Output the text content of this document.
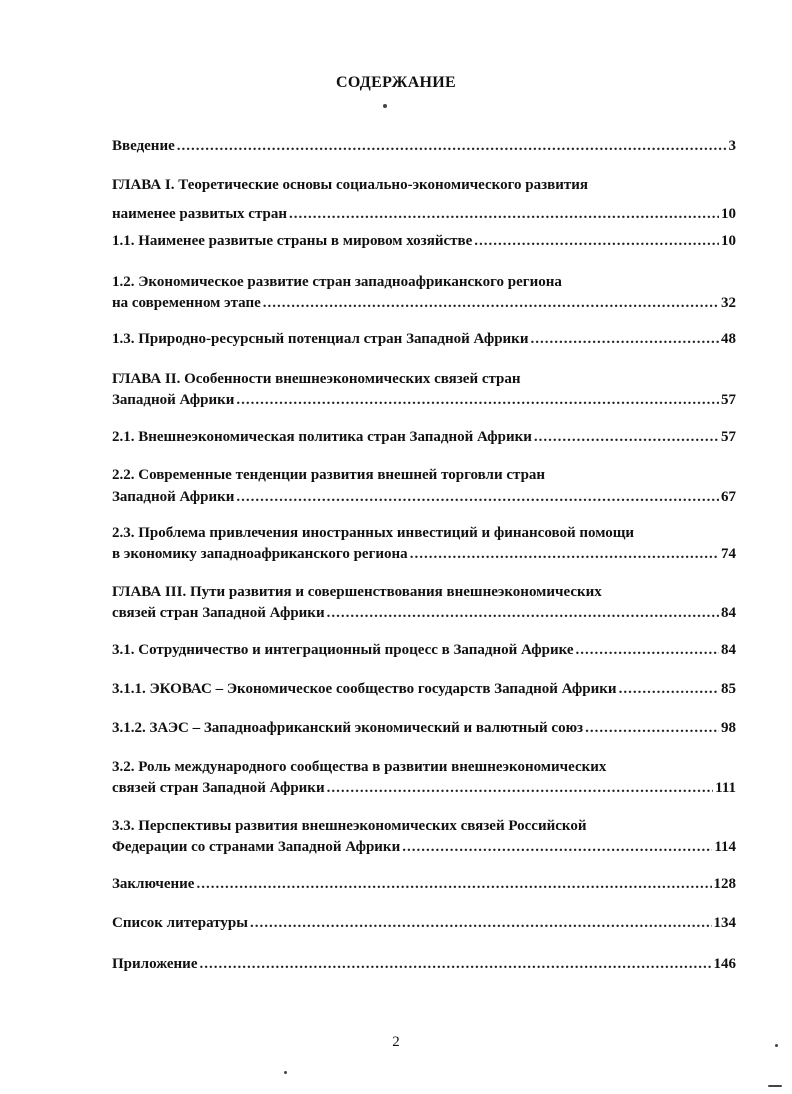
СОДЕРЖАНИЕ
Введение .....	3
ГЛАВА I. Теоретические основы социально-экономического развития
наименее развитых стран .....	10
1.1. Наименее развитые страны в мировом хозяйстве .....	10
1.2. Экономическое развитие стран западноафриканского региона
на современном этапе .....	32
1.3. Природно-ресурсный потенциал стран Западной Африки .....	48
ГЛАВА II. Особенности внешнеэкономических связей стран
Западной Африки .....	57
2.1. Внешнеэкономическая политика стран Западной Африки .....	57
2.2. Современные тенденции развития внешней торговли стран
Западной Африки .....	67
2.3. Проблема привлечения иностранных инвестиций и финансовой помощи
в экономику западноафриканского региона .....	74
ГЛАВА III. Пути развития и совершенствования внешнеэкономических
связей стран Западной Африки .....	84
3.1. Сотрудничество и интеграционный процесс в Западной Африке .....	84
3.1.1. ЭКОВАС – Экономическое сообщество государств Западной Африки .....	85
3.1.2. ЗАЭС – Западноафриканский экономический и валютный союз .....	98
3.2. Роль международного сообщества в развитии внешнеэкономических
связей стран Западной Африки .....	111
3.3. Перспективы развития внешнеэкономических связей Российской
Федерации со странами Западной Африки .....	114
Заключение .....	128
Список литературы .....	134
Приложение .....	146
2
